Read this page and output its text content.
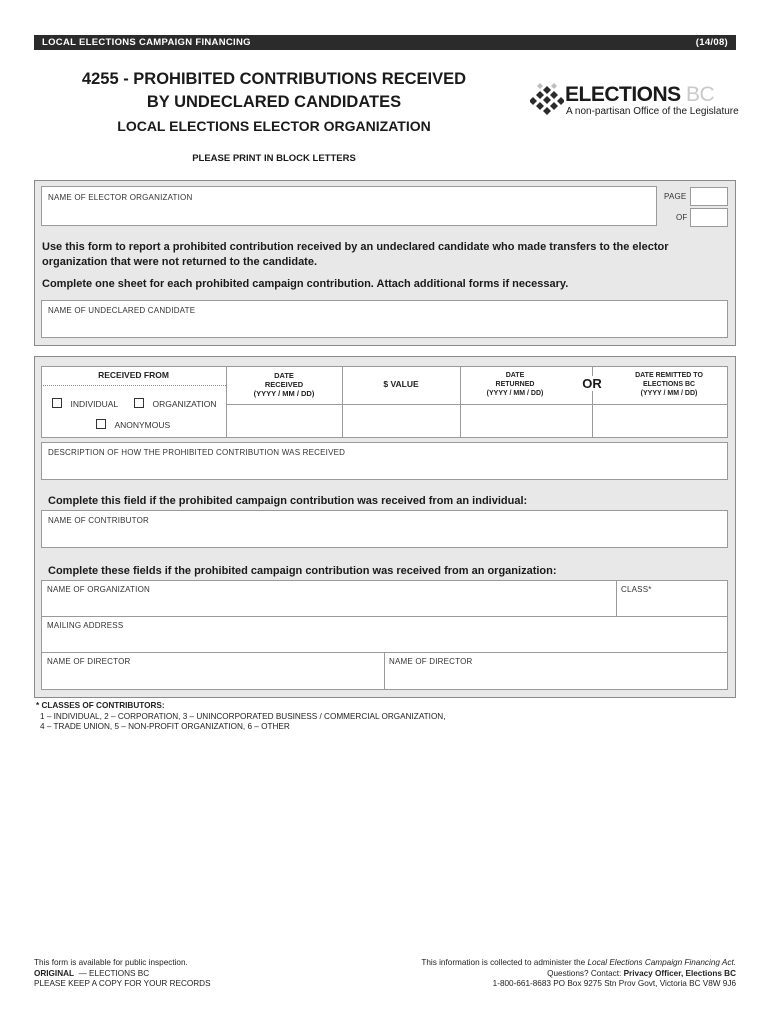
LOCAL ELECTIONS CAMPAIGN FINANCING	(14/08)
4255 - PROHIBITED CONTRIBUTIONS RECEIVED
BY UNDECLARED CANDIDATES
LOCAL ELECTIONS ELECTOR ORGANIZATION
PLEASE PRINT IN BLOCK LETTERS
ELECTIONS BC
A non-partisan Office of the Legislature
NAME OF ELECTOR ORGANIZATION	PAGE
OF
Use this form to report a prohibited contribution received by an undeclared candidate who made transfers to the elector organization that were not returned to the candidate.
Complete one sheet for each prohibited campaign contribution. Attach additional forms if necessary.
NAME OF UNDECLARED CANDIDATE
RECEIVED FROM
INDIVIDUAL	ORGANIZATION
ANONYMOUS
DATE
RECEIVED
(YYYY / MM / DD)
$ VALUE
DATE
RETURNED
(YYYY / MM / DD)
OR
DATE REMITTED TO
ELECTIONS BC
(YYYY / MM / DD)
DESCRIPTION OF HOW THE PROHIBITED CONTRIBUTION WAS RECEIVED
Complete this field if the prohibited campaign contribution was received from an individual:
NAME OF CONTRIBUTOR
Complete these fields if the prohibited campaign contribution was received from an organization:
NAME OF ORGANIZATION	CLASS*
MAILING ADDRESS
NAME OF DIRECTOR	NAME OF DIRECTOR
* CLASSES OF CONTRIBUTORS:
1 – INDIVIDUAL, 2 – CORPORATION, 3 – UNINCORPORATED BUSINESS / COMMERCIAL ORGANIZATION,
4 – TRADE UNION, 5 – NON-PROFIT ORGANIZATION, 6 – OTHER
This form is available for public inspection.
ORIGINAL — ELECTIONS BC
PLEASE KEEP A COPY FOR YOUR RECORDS
This information is collected to administer the Local Elections Campaign Financing Act.
Questions? Contact: Privacy Officer, Elections BC
1-800-661-8683 PO Box 9275 Stn Prov Govt, Victoria BC V8W 9J6
